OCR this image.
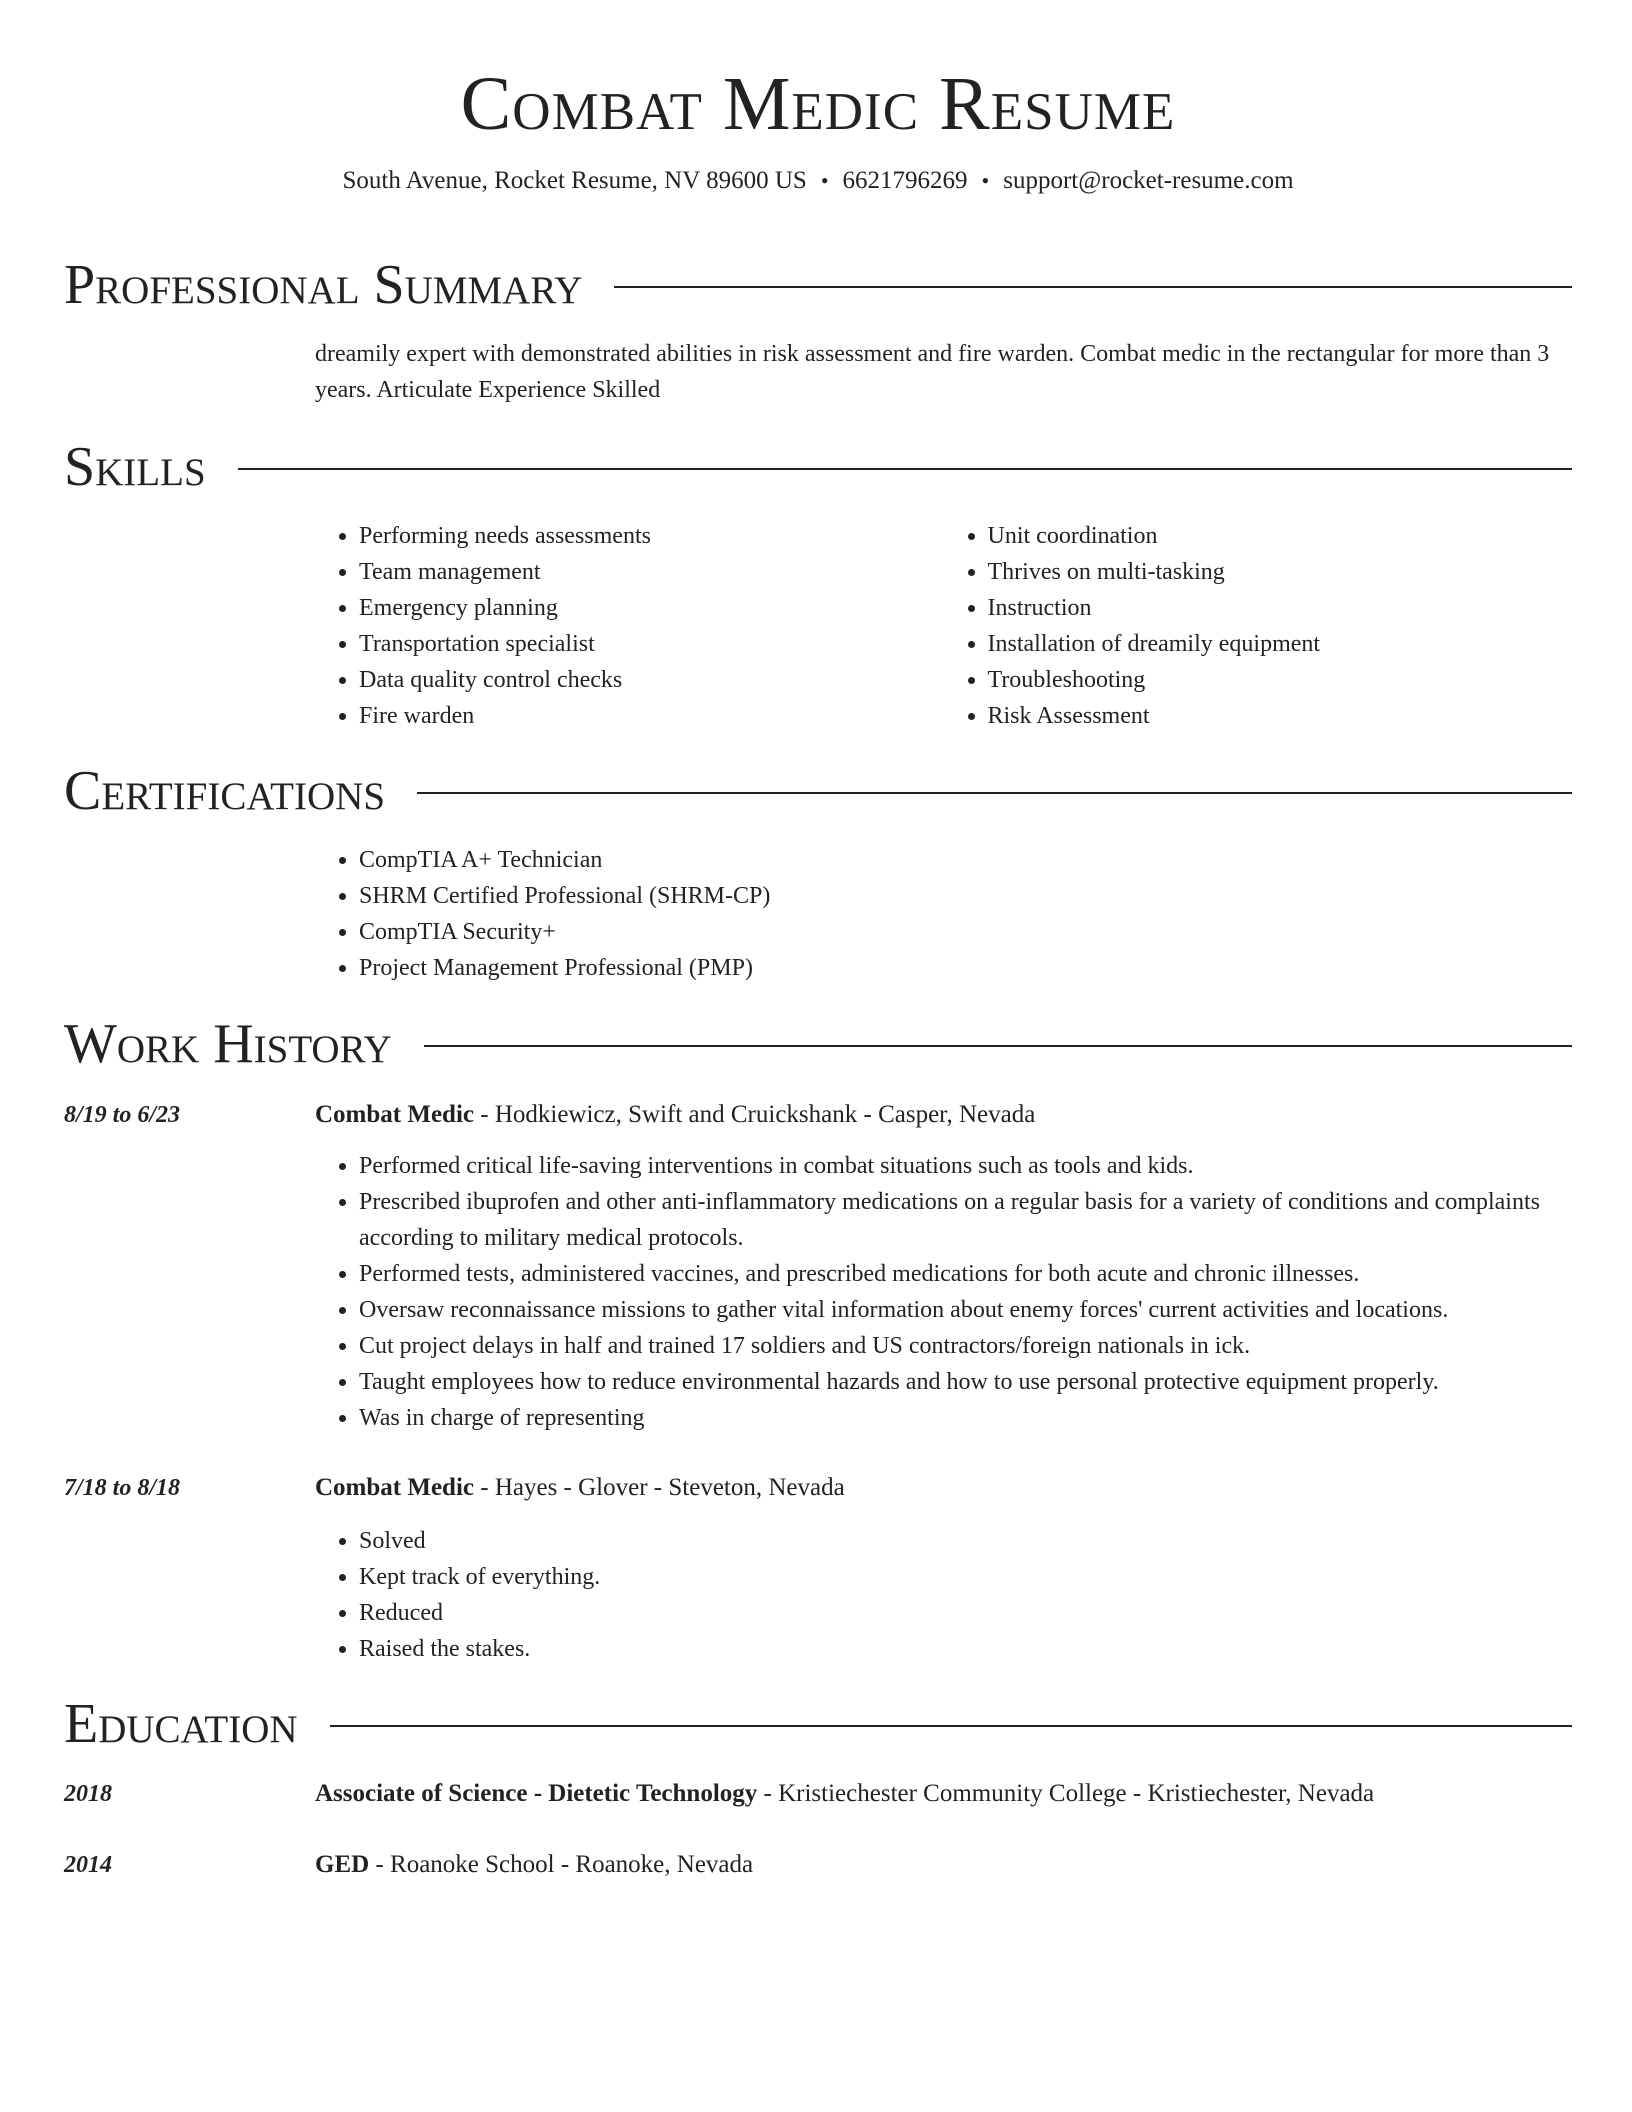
Combat Medic Resume
South Avenue, Rocket Resume, NV 89600 US • 6621796269 • support@rocket-resume.com
Professional Summary
dreamily expert with demonstrated abilities in risk assessment and fire warden. Combat medic in the rectangular for more than 3 years. Articulate Experience Skilled
Skills
• Performing needs assessments
• Team management
• Emergency planning
• Transportation specialist
• Data quality control checks
• Fire warden
• Unit coordination
• Thrives on multi-tasking
• Instruction
• Installation of dreamily equipment
• Troubleshooting
• Risk Assessment
Certifications
• CompTIA A+ Technician
• SHRM Certified Professional (SHRM-CP)
• CompTIA Security+
• Project Management Professional (PMP)
Work History
8/19 to 6/23	Combat Medic - Hodkiewicz, Swift and Cruickshank - Casper, Nevada
• Performed critical life-saving interventions in combat situations such as tools and kids.
• Prescribed ibuprofen and other anti-inflammatory medications on a regular basis for a variety of conditions and complaints according to military medical protocols.
• Performed tests, administered vaccines, and prescribed medications for both acute and chronic illnesses.
• Oversaw reconnaissance missions to gather vital information about enemy forces' current activities and locations.
• Cut project delays in half and trained 17 soldiers and US contractors/foreign nationals in ick.
• Taught employees how to reduce environmental hazards and how to use personal protective equipment properly.
• Was in charge of representing
7/18 to 8/18	Combat Medic - Hayes - Glover - Steveton, Nevada
• Solved
• Kept track of everything.
• Reduced
• Raised the stakes.
Education
2018	Associate of Science - Dietetic Technology - Kristiechester Community College - Kristiechester, Nevada
2014	GED - Roanoke School - Roanoke, Nevada
